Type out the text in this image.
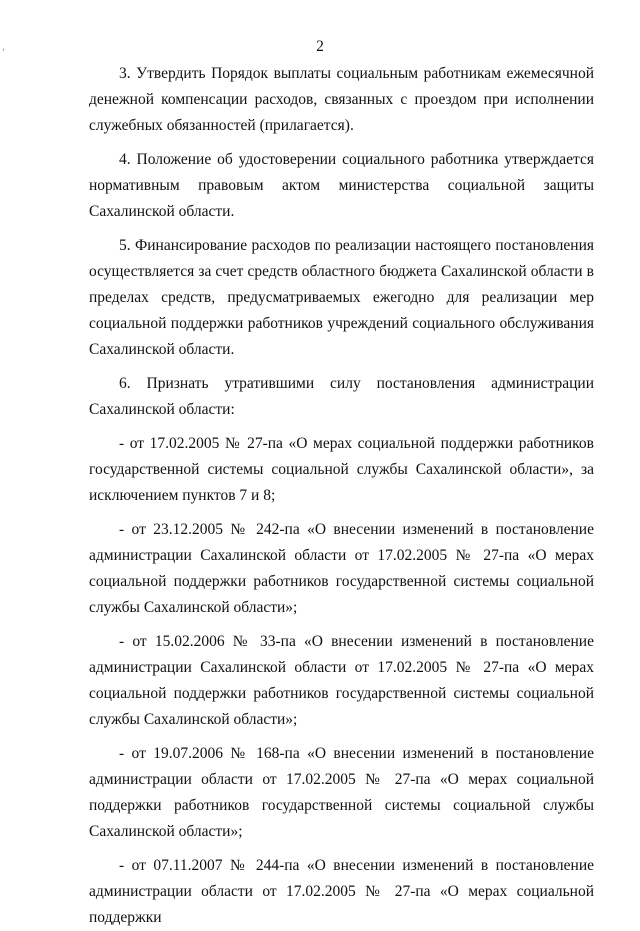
'	2

3. Утвердить Порядок выплаты социальным работникам ежемесячной денежной компенсации расходов, связанных с проездом при исполнении служебных обязанностей (прилагается).

4. Положение об удостоверении социального работника утверждается нормативным правовым актом министерства социальной защиты Сахалинской области.

5. Финансирование расходов по реализации настоящего постановления осуществляется за счет средств областного бюджета Сахалинской области в пределах средств, предусматриваемых ежегодно для реализации мер социальной поддержки работников учреждений социального обслуживания Сахалинской области.

6. Признать утратившими силу постановления администрации Сахалинской области:

- от 17.02.2005 № 27-па «О мерах социальной поддержки работников государственной системы социальной службы Сахалинской области», за исключением пунктов 7 и 8;

- от 23.12.2005 № 242-па «О внесении изменений в постановление администрации Сахалинской области от 17.02.2005 № 27-па «О мерах социальной поддержки работников государственной системы социальной службы Сахалинской области»;

- от 15.02.2006 № 33-па «О внесении изменений в постановление администрации Сахалинской области от 17.02.2005 № 27-па «О мерах социальной поддержки работников государственной системы социальной службы Сахалинской области»;

- от 19.07.2006 № 168-па «О внесении изменений в постановление администрации области от 17.02.2005 № 27-па «О мерах социальной поддержки работников государственной системы социальной службы Сахалинской области»;

- от 07.11.2007 № 244-па «О внесении изменений в постановление администрации области от 17.02.2005 № 27-па «О мерах социальной поддержки
